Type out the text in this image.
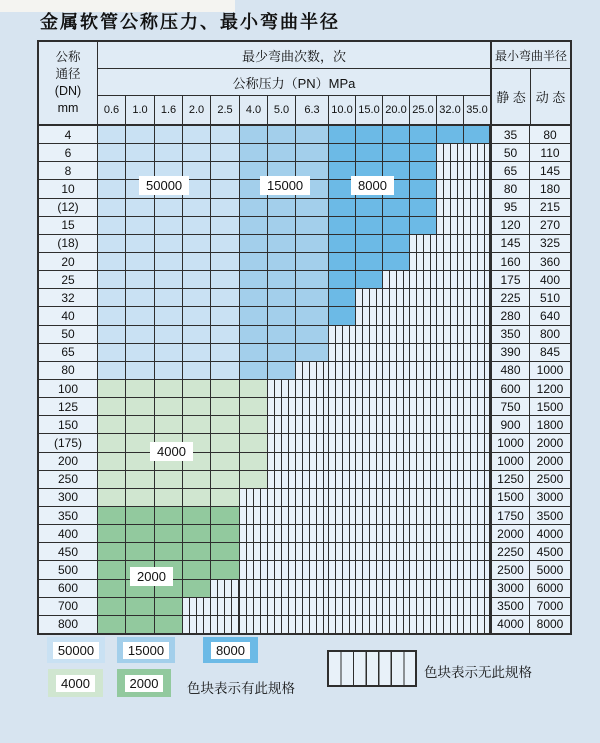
金属软管公称压力、最小弯曲半径
公称
通径
(DN)
mm
最少弯曲次数，次
公称压力（PN）MPa
0.6	1.0	1.6	2.0	2.5	4.0	5.0	6.3	10.0 15.0 20.0 25.0 32.0 35.0
最小弯曲半径
静 态 动 态
4	35	80
6	50	110
8	65	145
10	80	180
(12)	95	215
15	120	270
(18)	145	325
20	160	360
25	175	400
32	225	510
40	280	640
50	350	800
65	390	845
80	480	1000
100	600	1200
125	750	1500
150	900	1800
(175)	1000	2000
200	1000	2000
250	1250	2500
300	1500	3000
350	1750	3500
400	2000	4000
450	2250	4500
500	2500	5000
600	3000	6000
700	3500	7000
800	4000	8000
50000	15000	8000
4000
2000
50000	15000	8000
4000	2000	色块表示有此规格
色块表示无此规格
